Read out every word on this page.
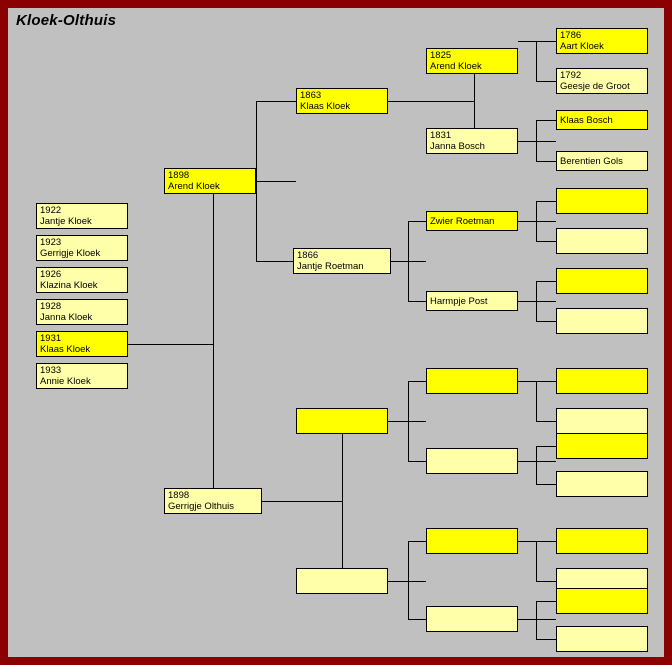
Kloek-Olthuis
1898
Arend Kloek
1863
Klaas Kloek
1866
Jantje Roetman
1825
Arend Kloek
1831
Janna Bosch
1786
Aart Kloek
1792
Geesje de Groot
Klaas Bosch
Berentien Gols
Zwier Roetman
Harmpje Post
1898
Gerrigje Olthuis
1922
Jantje Kloek
1923
Gerrigje Kloek
1926
Klazina Kloek
1928
Janna Kloek
1931
Klaas Kloek
1933
Annie Kloek
